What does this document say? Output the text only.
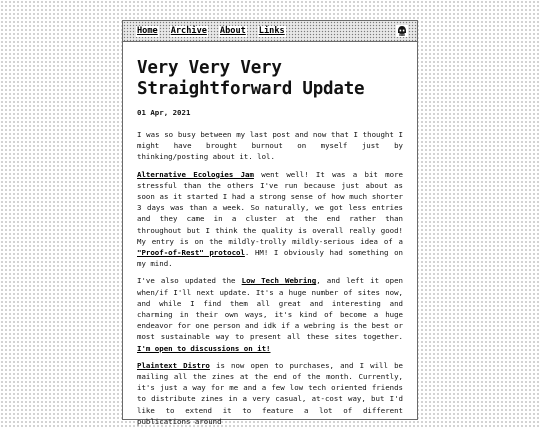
Home Archive About Links
Very Very Very Straightforward Update
01 Apr, 2021

I was so busy between my last post and now that I thought I might have brought burnout on myself just by thinking/posting about it. lol.

Alternative Ecologies Jam went well! It was a bit more stressful than the others I've run because just about as soon as it started I had a strong sense of how much shorter 3 days was than a week. So naturally, we got less entries and they came in a cluster at the end rather than throughout but I think the quality is overall really good! My entry is on the mildly-trolly mildly-serious idea of a "Proof-of-Rest" protocol. HM! I obviously had something on my mind.

I've also updated the Low Tech Webring, and left it open when/if I'll next update. It's a huge number of sites now, and while I find them all great and interesting and charming in their own ways, it's kind of become a huge endeavor for one person and idk if a webring is the best or most sustainable way to present all these sites together. I'm open to discussions on it!

Plaintext Distro is now open to purchases, and I will be mailing all the zines at the end of the month. Currently, it's just a way for me and a few low tech oriented friends to distribute zines in a very casual, at-cost way, but I'd like to extend it to feature a lot of different publications around
